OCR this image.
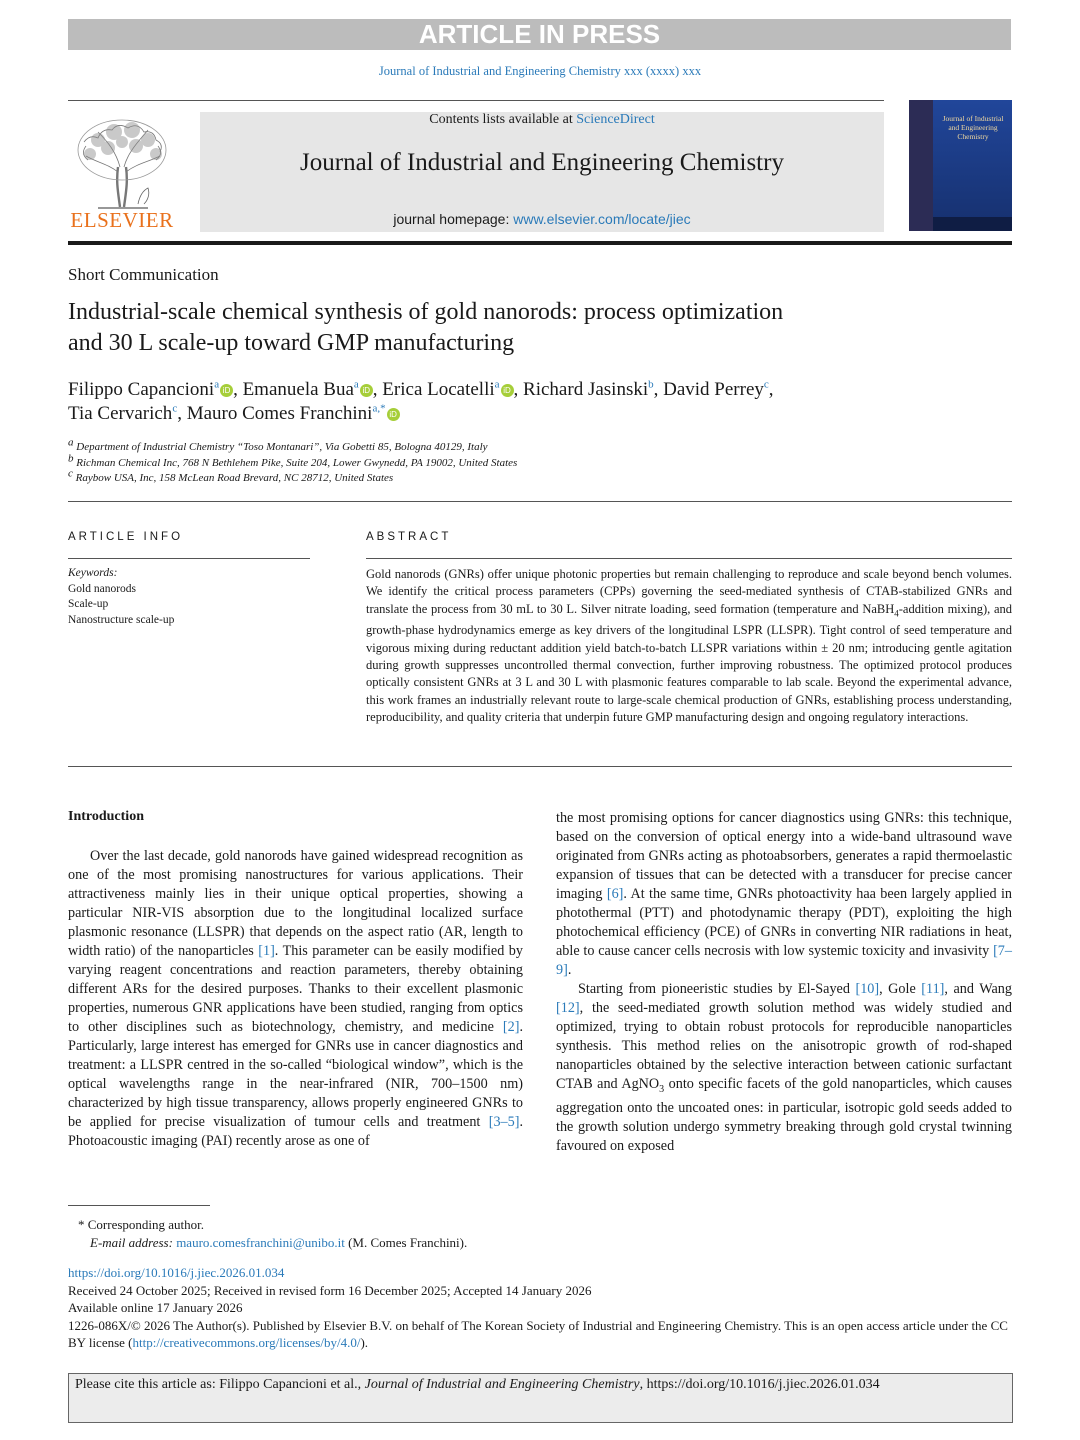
ARTICLE IN PRESS
Journal of Industrial and Engineering Chemistry xxx (xxxx) xxx
ELSEVIER
Contents lists available at ScienceDirect
Journal of Industrial and Engineering Chemistry
journal homepage: www.elsevier.com/locate/jiec
Journal of Industrial and Engineering Chemistry
Short Communication
Industrial-scale chemical synthesis of gold nanorods: process optimization
and 30 L scale-up toward GMP manufacturing
Filippo Capancioni$^a$ iD , Emanuela Bua$^a$ iD , Erica Locatelli$^a$ iD , Richard Jasinski$^b$, David Perrey$^c$,
Tia Cervarich$^c$, Mauro Comes Franchini$^{a,*}$ iD
$^a$ Department of Industrial Chemistry “Toso Montanari”, Via Gobetti 85, Bologna 40129, Italy
$^b$ Richman Chemical Inc, 768 N Bethlehem Pike, Suite 204, Lower Gwynedd, PA 19002, United States
$^c$ Raybow USA, Inc, 158 McLean Road Brevard, NC 28712, United States
ARTICLE INFO	ABSTRACT
Keywords:
Gold nanorods
Scale-up
Nanostructure scale-up
Gold nanorods (GNRs) offer unique photonic properties but remain challenging to reproduce and scale beyond bench volumes. We identify the critical process parameters (CPPs) governing the seed-mediated synthesis of CTAB-stabilized GNRs and translate the process from 30 mL to 30 L. Silver nitrate loading, seed formation (temperature and NaBH$_4$-addition mixing), and growth-phase hydrodynamics emerge as key drivers of the longitudinal LSPR (LLSPR). Tight control of seed temperature and vigorous mixing during reductant addition yield batch-to-batch LLSPR variations within ± 20 nm; introducing gentle agitation during growth suppresses uncontrolled thermal convection, further improving robustness. The optimized protocol produces optically consistent GNRs at 3 L and 30 L with plasmonic features comparable to lab scale. Beyond the experimental advance, this work frames an industrially relevant route to large-scale chemical production of GNRs, establishing process understanding, reproducibility, and quality criteria that underpin future GMP manufacturing design and ongoing regulatory interactions.
Introduction
Over the last decade, gold nanorods have gained widespread recognition as one of the most promising nanostructures for various applications. Their attractiveness mainly lies in their unique optical properties, showing a particular NIR-VIS absorption due to the longitudinal localized surface plasmonic resonance (LLSPR) that depends on the aspect ratio (AR, length to width ratio) of the nanoparticles [1]. This parameter can be easily modified by varying reagent concentrations and reaction parameters, thereby obtaining different ARs for the desired purposes. Thanks to their excellent plasmonic properties, numerous GNR applications have been studied, ranging from optics to other disciplines such as biotechnology, chemistry, and medicine [2]. Particularly, large interest has emerged for GNRs use in cancer diagnostics and treatment: a LLSPR centred in the so-called “biological window”, which is the optical wavelengths range in the near-infrared (NIR, 700–1500 nm) characterized by high tissue transparency, allows properly engineered GNRs to be applied for precise visualization of tumour cells and treatment [3–5]. Photoacoustic imaging (PAI) recently arose as one of

the most promising options for cancer diagnostics using GNRs: this technique, based on the conversion of optical energy into a wide-band ultrasound wave originated from GNRs acting as photoabsorbers, generates a rapid thermoelastic expansion of tissues that can be detected with a transducer for precise cancer imaging [6]. At the same time, GNRs photoactivity haa been largely applied in photothermal (PTT) and photodynamic therapy (PDT), exploiting the high photochemical efficiency (PCE) of GNRs in converting NIR radiations in heat, able to cause cancer cells necrosis with low systemic toxicity and invasivity [7–9].

Starting from pioneeristic studies by El-Sayed [10], Gole [11], and Wang [12], the seed-mediated growth solution method was widely studied and optimized, trying to obtain robust protocols for reproducible nanoparticles synthesis. This method relies on the anisotropic growth of rod-shaped nanoparticles obtained by the selective interaction between cationic surfactant CTAB and AgNO$_3$ onto specific facets of the gold nanoparticles, which causes aggregation onto the uncoated ones: in particular, isotropic gold seeds added to the growth solution undergo symmetry breaking through gold crystal twinning favoured on exposed

* Corresponding author.
E-mail address: mauro.comesfranchini@unibo.it (M. Comes Franchini).
https://doi.org/10.1016/j.jiec.2026.01.034
Received 24 October 2025; Received in revised form 16 December 2025; Accepted 14 January 2026
Available online 17 January 2026
1226-086X/© 2026 The Author(s). Published by Elsevier B.V. on behalf of The Korean Society of Industrial and Engineering Chemistry. This is an open access article under the CC BY license (http://creativecommons.org/licenses/by/4.0/).
Please cite this article as: Filippo Capancioni et al., Journal of Industrial and Engineering Chemistry, https://doi.org/10.1016/j.jiec.2026.01.034
